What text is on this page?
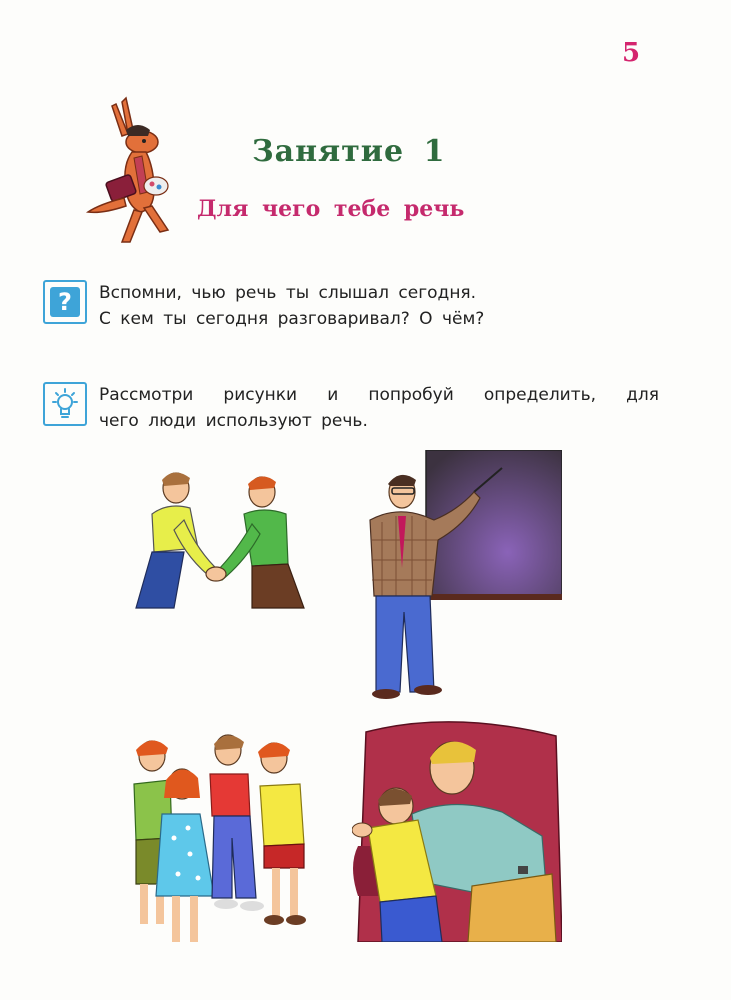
5
Занятие 1
Для чего тебе речь
?	Вспомни, чью речь ты слышал сегодня.
С кем ты сегодня разговаривал? О чём?
Рассмотри рисунки и попробуй определить, для
чего люди используют речь.
